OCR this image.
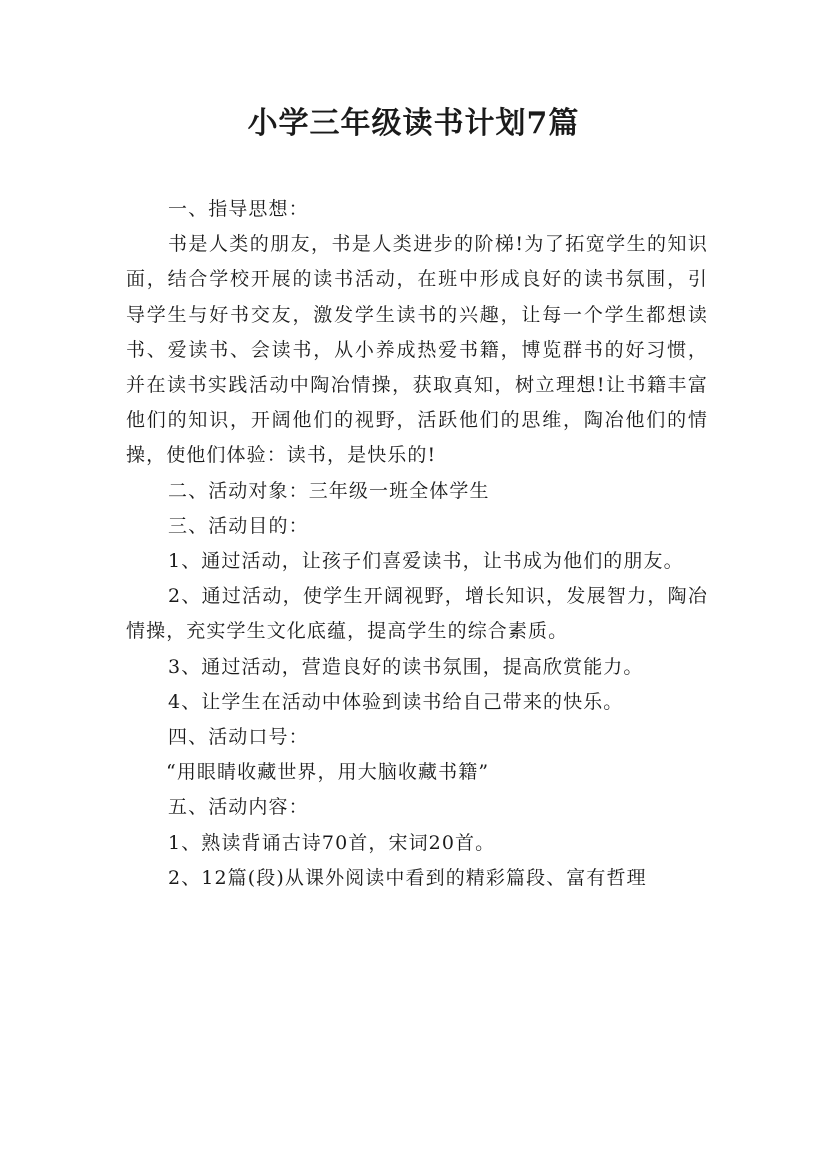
小学三年级读书计划7篇

一、指导思想：

书是人类的朋友，书是人类进步的阶梯!为了拓宽学生的知识面，结合学校开展的读书活动，在班中形成良好的读书氛围，引导学生与好书交友，激发学生读书的兴趣，让每一个学生都想读书、爱读书、会读书，从小养成热爱书籍，博览群书的好习惯，并在读书实践活动中陶冶情操，获取真知，树立理想!让书籍丰富他们的知识，开阔他们的视野，活跃他们的思维，陶冶他们的情操，使他们体验：读书，是快乐的!

二、活动对象：三年级一班全体学生

三、活动目的：

1、通过活动，让孩子们喜爱读书，让书成为他们的朋友。

2、通过活动，使学生开阔视野，增长知识，发展智力，陶冶情操，充实学生文化底蕴，提高学生的综合素质。

3、通过活动，营造良好的读书氛围，提高欣赏能力。

4、让学生在活动中体验到读书给自己带来的快乐。

四、活动口号：

“用眼睛收藏世界，用大脑收藏书籍”

五、活动内容：

1、熟读背诵古诗70首，宋词20首。

2、12篇(段)从课外阅读中看到的精彩篇段、富有哲理
